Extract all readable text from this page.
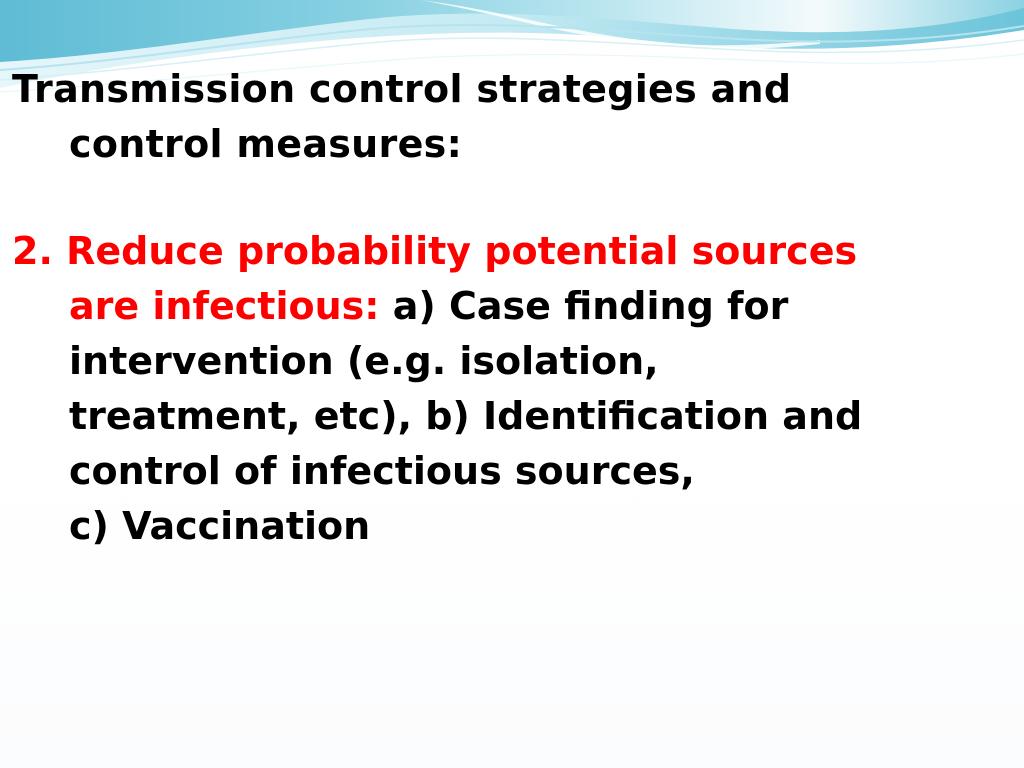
Transmission control strategies and
control measures:

2. Reduce probability potential sources
are infectious: a) Case finding for
intervention (e.g. isolation,
treatment, etc), b) Identification and
control of infectious sources,
c) Vaccination
